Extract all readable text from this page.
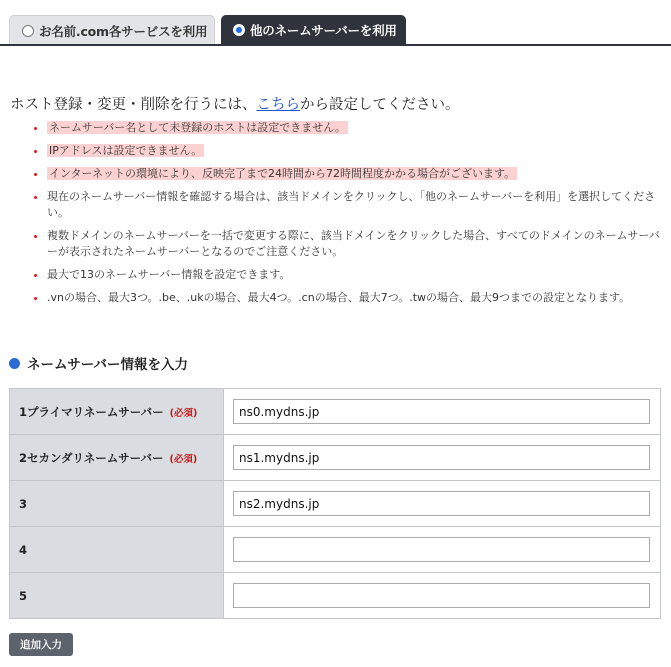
お名前.com各サービスを利用	他のネームサーバーを利用
ホスト登録・変更・削除を行うには、こちらから設定してください。
ネームサーバー名として未登録のホストは設定できません。
IPアドレスは設定できません。
インターネットの環境により、反映完了まで24時間から72時間程度かかる場合がございます。
現在のネームサーバー情報を確認する場合は、該当ドメインをクリックし、「他のネームサーバーを利用」を選択してください。
複数ドメインのネームサーバーを一括で変更する際に、該当ドメインをクリックした場合、すべてのドメインのネームサーバーが表示されたネームサーバーとなるのでご注意ください。
最大で13のネームサーバー情報を設定できます。
.vnの場合、最大3つ。.be、.ukの場合、最大4つ。.cnの場合、最大7つ。.twの場合、最大9つまでの設定となります。
ネームサーバー情報を入力
1プライマリネームサーバー (必須)	ns0.mydns.jp
2セカンダリネームサーバー (必須)	ns1.mydns.jp
3	ns2.mydns.jp
4	
5	
追加入力
